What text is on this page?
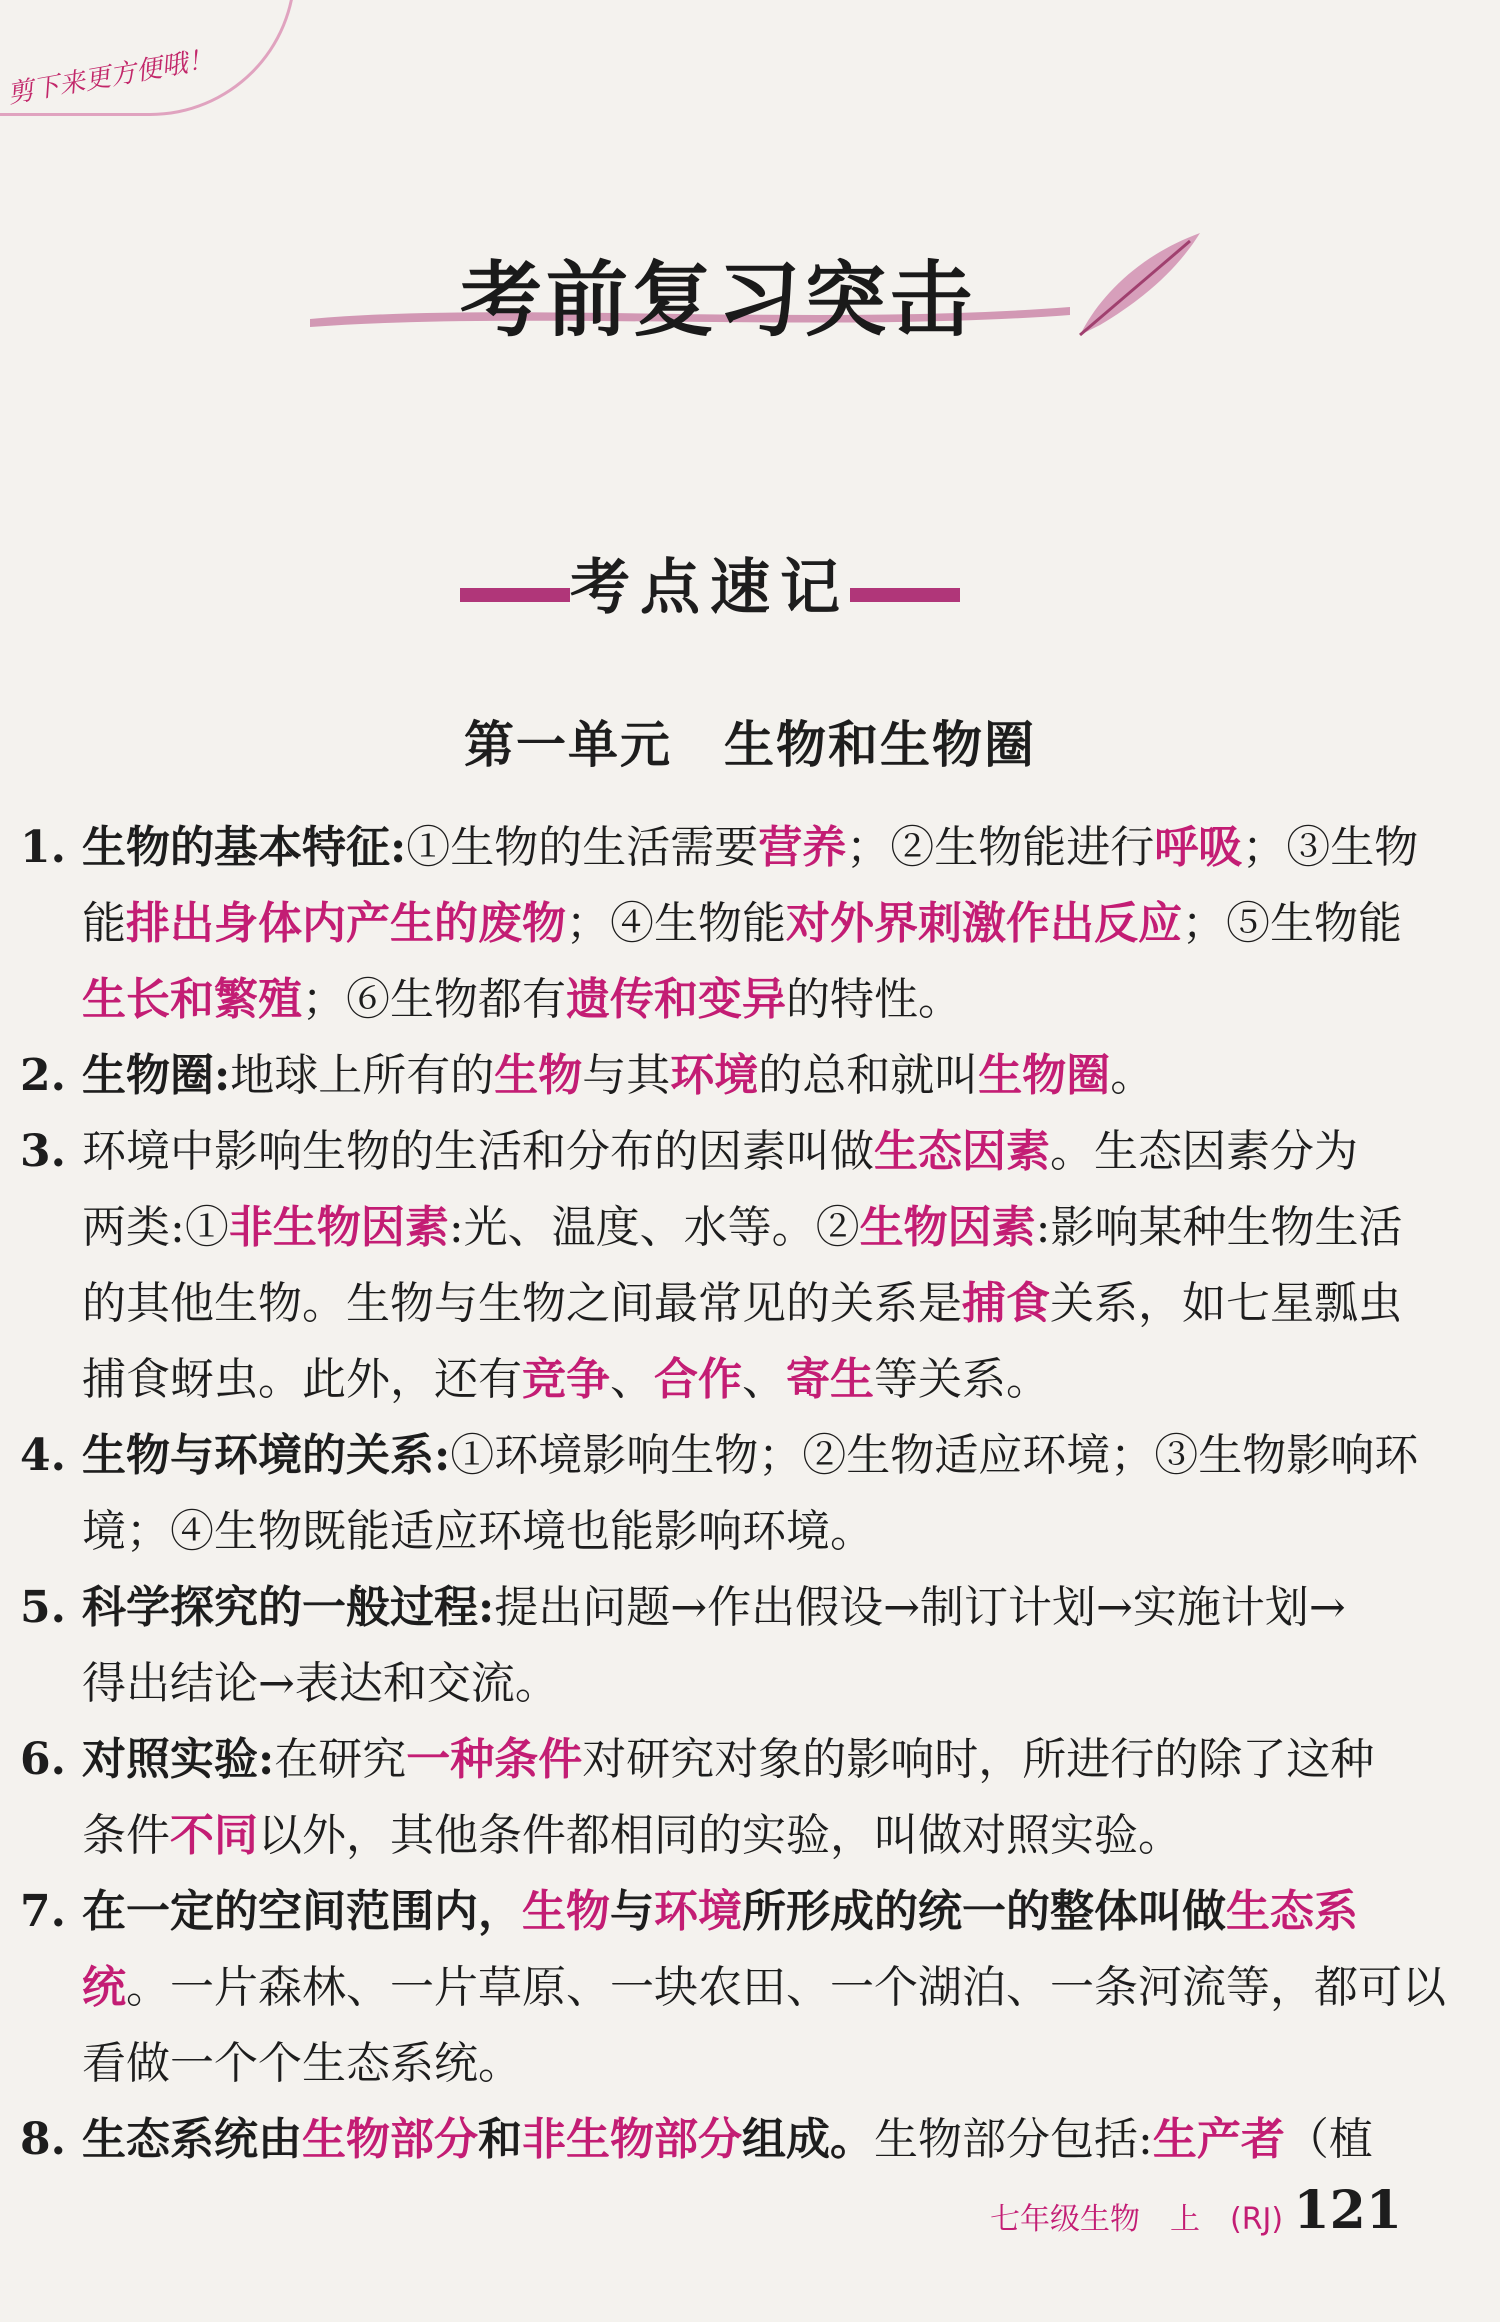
剪下来更方便哦！
考前复习突击
考点速记
第一单元　生物和生物圈
1. 生物的基本特征:①生物的生活需要营养；②生物能进行呼吸；③生物
能排出身体内产生的废物；④生物能对外界刺激作出反应；⑤生物能
生长和繁殖；⑥生物都有遗传和变异的特性。
2. 生物圈:地球上所有的生物与其环境的总和就叫生物圈。
3. 环境中影响生物的生活和分布的因素叫做生态因素。生态因素分为
两类:①非生物因素:光、温度、水等。②生物因素:影响某种生物生活
的其他生物。生物与生物之间最常见的关系是捕食关系，如七星瓢虫
捕食蚜虫。此外，还有竞争、合作、寄生等关系。
4. 生物与环境的关系:①环境影响生物；②生物适应环境；③生物影响环
境；④生物既能适应环境也能影响环境。
5. 科学探究的一般过程:提出问题→作出假设→制订计划→实施计划→
得出结论→表达和交流。
6. 对照实验:在研究一种条件对研究对象的影响时，所进行的除了这种
条件不同以外，其他条件都相同的实验，叫做对照实验。
7. 在一定的空间范围内，生物与环境所形成的统一的整体叫做生态系
统。一片森林、一片草原、一块农田、一个湖泊、一条河流等，都可以
看做一个个生态系统。
8. 生态系统由生物部分和非生物部分组成。生物部分包括:生产者（植
七年级生物　上　(RJ) 121
